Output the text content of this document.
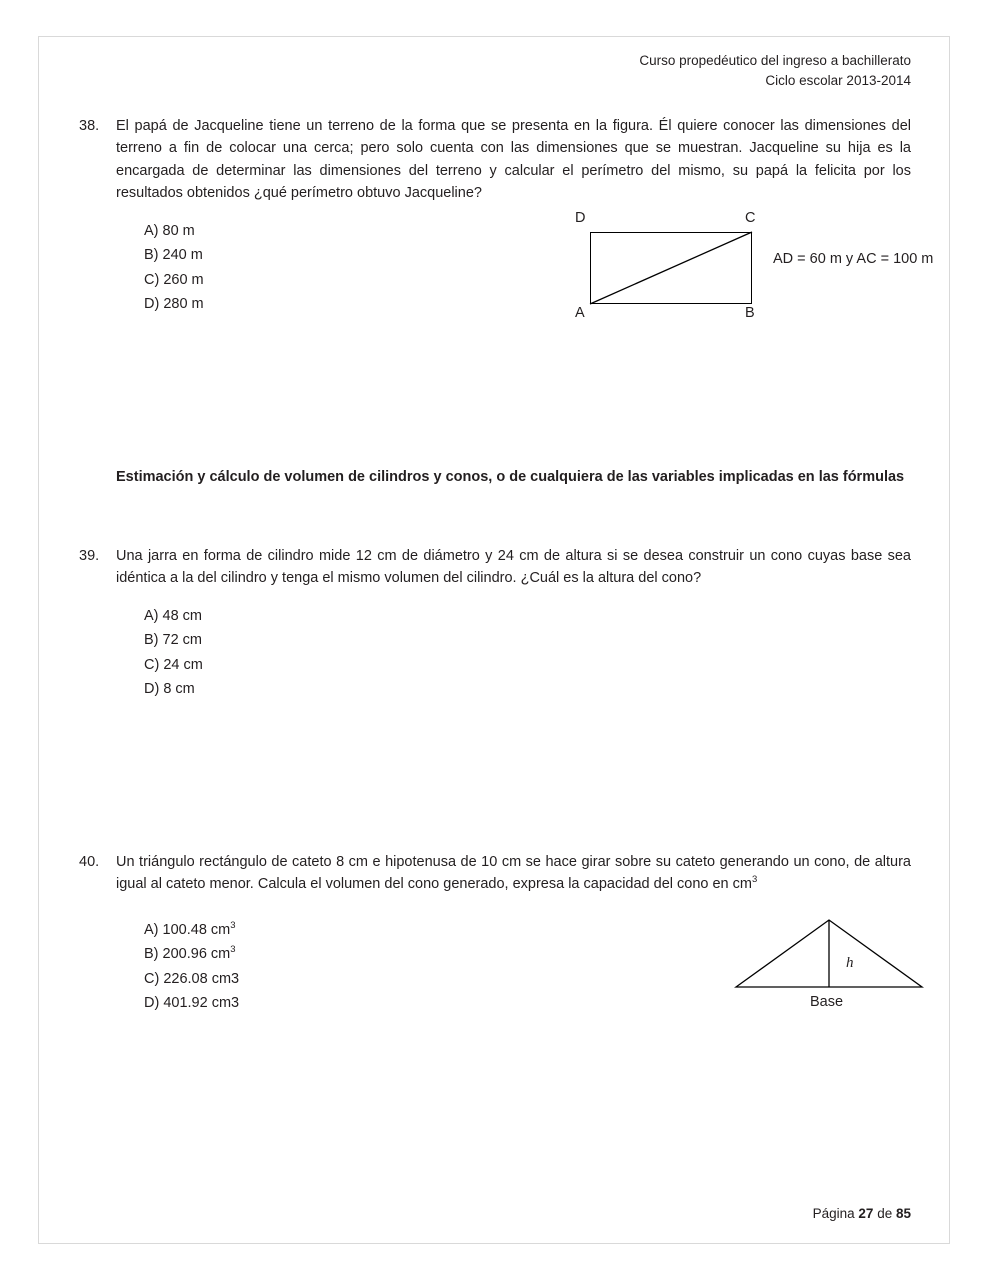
Curso propedéutico del ingreso a bachillerato
Ciclo escolar 2013-2014
38.	El papá de Jacqueline tiene un terreno de la forma que se presenta en la figura. Él quiere conocer las dimensiones del terreno a fin de colocar una cerca; pero solo cuenta con las dimensiones que se muestran. Jacqueline su hija es la encargada de determinar las dimensiones del terreno y calcular el perímetro del mismo, su papá la felicita por los resultados obtenidos ¿qué perímetro obtuvo Jacqueline?

A) 80 m
B) 240 m
C) 260 m
D) 280 m
D	C
A	B
AD = 60 m y AC = 100 m
Estimación y cálculo de volumen de cilindros y conos, o de cualquiera de las variables implicadas en las fórmulas
39.	Una jarra en forma de cilindro mide 12 cm de diámetro y 24 cm de altura si se desea construir un cono cuyas base sea idéntica a la del cilindro y tenga el mismo volumen del cilindro. ¿Cuál es la altura del cono?

A) 48 cm
B) 72 cm
C) 24 cm
D) 8 cm
40.	Un triángulo rectángulo de cateto 8 cm e hipotenusa de 10 cm se hace girar sobre su cateto generando un cono, de altura igual al cateto menor. Calcula el volumen del cono generado, expresa la capacidad del cono en $cm^3$

A) 100.48 $cm^3$
B) 200.96 $cm^3$
C) 226.08 cm3
D) 401.92 cm3
h
Base
Página 27 de 85
